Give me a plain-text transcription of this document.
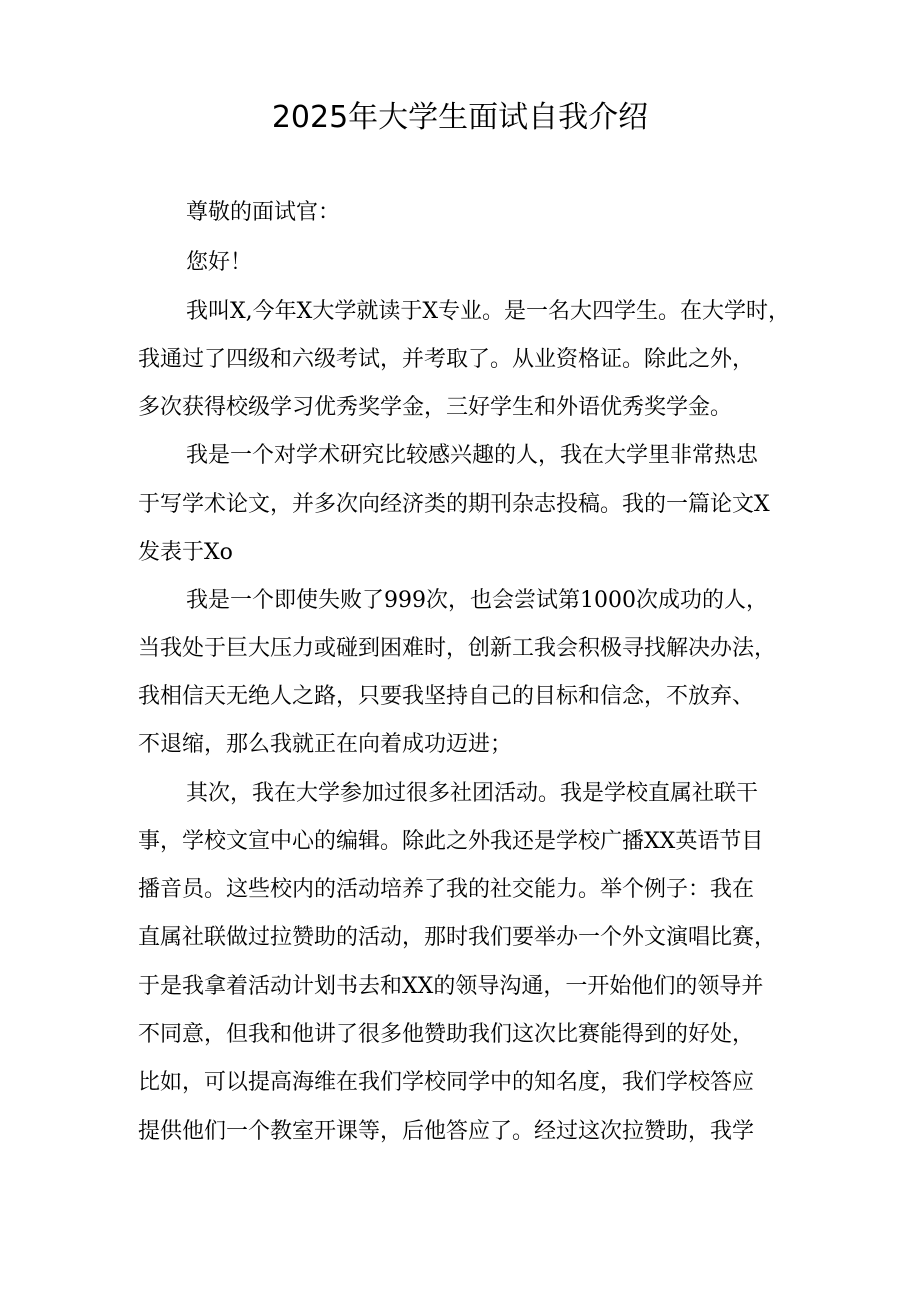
2025年大学生面试自我介绍
尊敬的面试官：
您好！
我叫X,今年X大学就读于X专业。是一名大四学生。在大学时，
我通过了四级和六级考试，并考取了。从业资格证。除此之外，
多次获得校级学习优秀奖学金，三好学生和外语优秀奖学金。
我是一个对学术研究比较感兴趣的人，我在大学里非常热忠
于写学术论文，并多次向经济类的期刊杂志投稿。我的一篇论文X
发表于Xo
我是一个即使失败了999次，也会尝试第1000次成功的人，
当我处于巨大压力或碰到困难时，创新工我会积极寻找解决办法，
我相信天无绝人之路，只要我坚持自己的目标和信念，不放弃、
不退缩，那么我就正在向着成功迈进；
其次，我在大学参加过很多社团活动。我是学校直属社联干
事，学校文宣中心的编辑。除此之外我还是学校广播XX英语节目
播音员。这些校内的活动培养了我的社交能力。举个例子：我在
直属社联做过拉赞助的活动，那时我们要举办一个外文演唱比赛，
于是我拿着活动计划书去和XX的领导沟通，一开始他们的领导并
不同意，但我和他讲了很多他赞助我们这次比赛能得到的好处，
比如，可以提高海维在我们学校同学中的知名度，我们学校答应
提供他们一个教室开课等，后他答应了。经过这次拉赞助，我学
